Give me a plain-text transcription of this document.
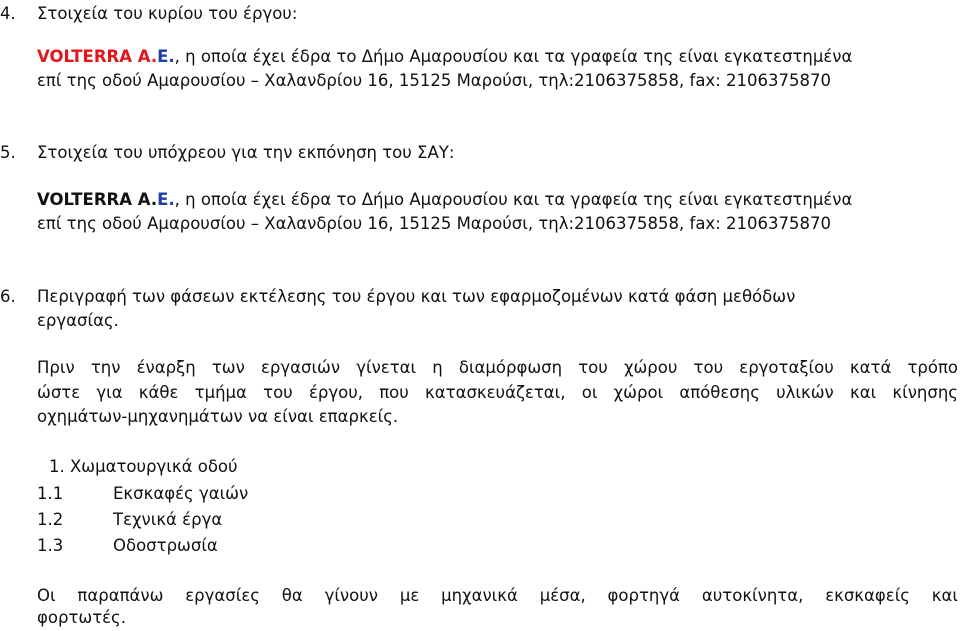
4. Στοιχεία του κυρίου του έργου:
VOLTERRA A.E., η οποία έχει έδρα το Δήμο Αμαρουσίου και τα γραφεία της είναι εγκατεστημένα
επί της οδού Αμαρουσίου – Χαλανδρίου 16, 15125 Μαρούσι, τηλ:2106375858, fax: 2106375870
5. Στοιχεία του υπόχρεου για την εκπόνηση του ΣΑΥ:
VOLTERRA A.E., η οποία έχει έδρα το Δήμο Αμαρουσίου και τα γραφεία της είναι εγκατεστημένα
επί της οδού Αμαρουσίου – Χαλανδρίου 16, 15125 Μαρούσι, τηλ:2106375858, fax: 2106375870
6. Περιγραφή των φάσεων εκτέλεσης του έργου και των εφαρμοζομένων κατά φάση μεθόδων
εργασίας.
Πριν την έναρξη των εργασιών γίνεται η διαμόρφωση του χώρου του εργοταξίου κατά τρόπο
ώστε για κάθε τμήμα του έργου, που κατασκευάζεται, οι χώροι απόθεσης υλικών και κίνησης
οχημάτων-μηχανημάτων να είναι επαρκείς.
1. Χωματουργικά οδού
1.1	Εκσκαφές γαιών
1.2	Τεχνικά έργα
1.3	Οδοστρωσία
Οι παραπάνω εργασίες θα γίνουν με μηχανικά μέσα, φορτηγά αυτοκίνητα, εκσκαφείς και
φορτωτές.
